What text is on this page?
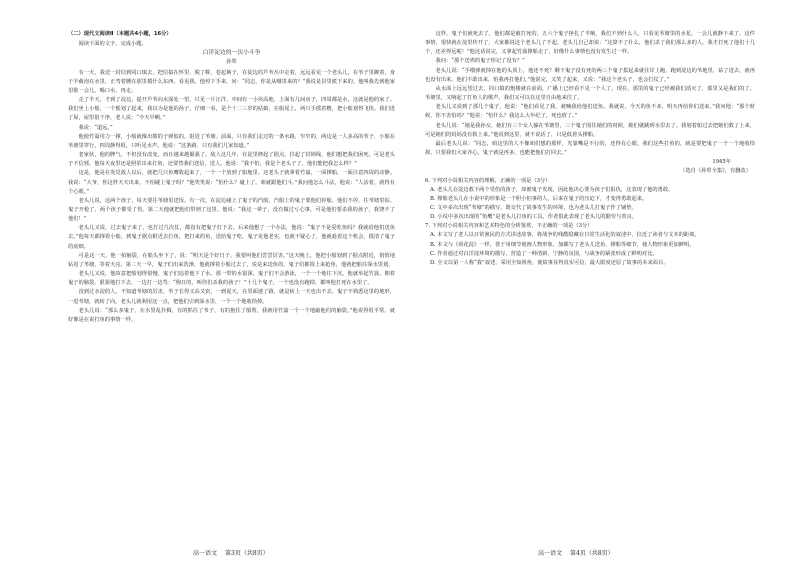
（二）现代文阅读Ⅱ（本题共4小题，16分）
阅读下面的文字，完成小题。
白洋淀边的一次小斗争
孙犁

有一天，我送一封信到同口镇去，把信搞在怀里，脱了鞋，卷起裤子，在淀边的芦苇丛中走着，远远看见一个老头儿，在苇子里蹲着，身子半截泡在水里，正弯着腰在那里摸什么东西。看见我，他停下手来，问：“同志，你是从哪里来的？”我说是县里派下来的。他叫我先到他家里歇一会儿，喝口水，再走。

走了半天，才到了淀边，提开芦苇向水深处一望，只见一片汪洋，中间有一小块高地，上面有几间房子，四周都是水，这就是他的家了。我们坐上小船，一个船划了起来，我以为是他的孙子，仔细一看，是个十二三岁的姑娘，在船尾上，两只手摇着橹，把小船划得飞快。我们进了屋，屋里很干净，老人说：“今天早啊。”

我说：“道远。”

他使竹篙用力一撑，小船就像出膛的子弹似的，射进了苇塘。前面，只有我们走过的一条水路，窄窄的，两边是一人多高的苇子，小船在苇塘里穿行，四周静得很，只听见水声。他说：“这条路，只有我们几家知道。”

老家伙，他的脾气，不但没有改变，而且越来越倔强了。敌人这几年，在淀里修起了据点，拉起了封锁线，他们想把我们困死。可是老头子不信邪，他每天夜里还是照常出来打鱼，还要替我们送信，送人。他说：“我不怕，我是个老头子了，他们能把我怎么样？”

这是，他是在发觉敌人以后，就把几只鱼鹰收起来了，一个一个放到了船舱里。这老头子就拿着竹篙，一面撑船，一面注意四周的动静。我说：“大爷，你这样天天出来，不怕碰上鬼子吗？”他笑笑说：“怕什么？碰上了，咱就跟他们斗。”我问他怎么斗法，他说：“人活着，就得有个心眼。”

老头儿说，这两个孩子，每天要往苇塘里送饭。有一次，在淀边碰上了鬼子的汽船，汽船上的鬼子要他们停船，他们不停，往苇塘里钻。鬼子开枪了，两个孩子都受了伤。第二天他就把他们带到了这里。他说：“我这一辈子，没有做过亏心事，可是他们要杀我的孩子，我饶不了他们！”

老头儿又说，过去鬼子来了，也打过几次仗，都没有把鬼子打下去。后来他想了一个办法，他说：“鬼子不是爱吃鱼吗？我就给他们送鱼去。”他每天都撑着小船，到鬼子据点附近去打鱼，把打来的鱼，送给鬼子吃。鬼子见他老实，也就不疑心了，他就趁着这个机会，摸清了鬼子的底细。

可是这一天，他一拍脑袋，在船头坐下了，说：“明天是个好日子，我要叫他们尝尝厉害。”这天晚上，他把小船划到了据点附近，悄悄地钻进了苇塘，等着天亮。第二天一早，鬼子们出来洗澡，他就撑着小船过去了，说是来送鱼的。鬼子们都围上来抢鱼，他就把船往深水里划。

老头儿又说，他故意把船划得很慢，鬼子们追着他下了水。那一带的水很深，鬼子们不会游泳，一个一个地往下沉。他就举起竹篙，朝着鬼子的脑袋，狠狠地打下去，一边打一边骂：“狗日的，叫你们杀我的孩子！”十几个鬼子，一个也没有跑掉，都叫他打死在水里了。

没到过水淀的人，不知道苇塘的厉害。苇子长得又高又密，一到夏天，在里面迷了路，就是转上一天也出不去。鬼子不熟悉这里的地形，一进苇塘，就转了向。老头儿就利用这一点，把他们引到深水里，一个一个地收拾掉。

老头儿说：“那么多鬼子，在水里乱扑腾，有的抓住了苇子，有的抱住了船帮，我就用竹篙一个一个地敲他们的脑袋。”他说得很平常，就好像是在说打鱼的事情一样。

高一语文 第3页（共8页）

这样，鬼子们就死去了，他们都是被打死的。五六个鬼子挣扎了半晌，我们不到什么人，只看见苇塘里的水花，一会儿就静下来了。这件事情，很快就在淀里传开了，大家都说这个老头儿了不起。老头儿自己却说：“这算不了什么，他们杀了我们那么多的人，我才打死了他们十几个，还差得远呢！”他这话说完，又拿起竹篙撑船走了，好像什么事情也没有发生过一样。

我问：“那个送鸡的鬼子你记了没有？”

老头儿说：“手榴弹就掉在他的头顶上，他还不死？剩下鬼子没有死的两三个鬼子拔起来就往岸上跑，跑到淀边的苇地里，钻了进去，就再也没有出来。他们不敢出来，怕我再打他们。”他说完，又笑了起来，又说：“我这个老头子，也会打仗了。”

从水面上远远望过去，同口镇的炮楼就在前面，广播上已经看不见一个人了。现在，那里的鬼子已经被我们消灭了，那里又是我们的了。苇塘里，又响起了打鱼人的歌声，我们又可以在这里自由地来往了。

老头儿又说到了那几个鬼子，他说：“他们看见了我，就喊我给他们送鱼。我就说，今天的鱼不多，明天再给你们送来。”我问他：“那个时候，你不害怕吗？”他说：“怕什么？我这么大年纪了，死也值了。”

老头儿说：“她是我孙女，她们有三个女人躲在苇塘里，三个鬼子围住她们的时候，她们就跳到水里去了。我划着船过去把她们救了上来，可是她们的妈妈没有救上来。”他说到这里，就不说话了，只是低着头撑船。

最后老头儿说：“同志，咱这里的人不像咱们想的那样，光靠嘴是不行的，还得有心眼。我们这些打鱼的，就是要把鬼子一个一个地收拾掉。只要我们大家齐心，鬼子就是再多，也能把他们打回去。”

1945年
（选自《孙犁全集》，有删改）

6. 下列对小说相关内容的理解，正确的一项是（3分）

A. 老头儿在淀边救下两个受伤的孩子，却被鬼子发现，因此他决心要为孩子们报仇，这表现了他的勇敢。

B. 撑船老头儿在小说中的形象是一个胆小怕事的人，后来在鬼子的压迫下，才变得勇敢起来。

C. 文中多次出现“苇塘”的描写，既交代了故事发生的环境，也为老头儿打鬼子作了铺垫。

D. 小说中多次出现的“鱼鹰”是老头儿打鱼的工具，作者借此表现了老头儿的勤劳与善良。

7. 下列对小说相关内容和艺术特色的分析鉴赏，不正确的一项是（3分）

A. 本文写了老人以日常渔民的方式讲述故事，将战争的残酷隐藏在日常生活化的叙述中，拉近了读者与文本的距离。

B. 本文与《荷花淀》一样，善于用细节刻画人物形象，加插写了老头儿送鱼、撑船等细节，使人物形象更加鲜明。

C. 作者通过对白洋淀环境的描写，营造了一种清新、宁静的氛围，与战争的紧张形成了鲜明对比。

D. 全文以第一人称“我”叙述，采用全知视角，使故事显得真实可信，最大限度还原了故事的本来面目。

高一语文 第4页（共8页）
